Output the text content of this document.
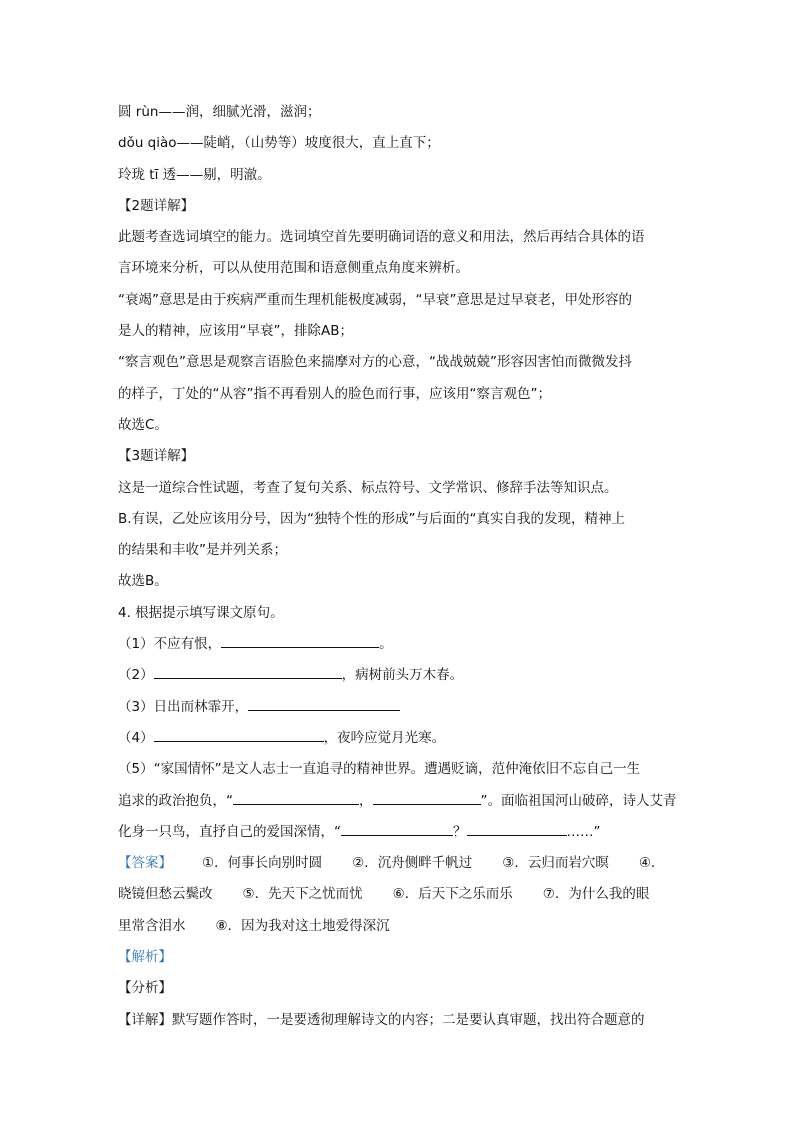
圆 rùn——润，细腻光滑，滋润；
dǒu qiào——陡峭，（山势等）坡度很大，直上直下；
玲珑 tī 透——剔，明澈。
【2题详解】
此题考查选词填空的能力。选词填空首先要明确词语的意义和用法，然后再结合具体的语
言环境来分析，可以从使用范围和语意侧重点角度来辨析。
“衰竭”意思是由于疾病严重而生理机能极度减弱，“早衰”意思是过早衰老，甲处形容的
是人的精神，应该用“早衰”，排除AB；
“察言观色”意思是观察言语脸色来揣摩对方的心意，“战战兢兢”形容因害怕而微微发抖
的样子，丁处的“从容”指不再看别人的脸色而行事，应该用“察言观色”；
故选C。
【3题详解】
这是一道综合性试题，考查了复句关系、标点符号、文学常识、修辞手法等知识点。
B.有误，乙处应该用分号，因为“独特个性的形成”与后面的“真实自我的发现，精神上
的结果和丰收”是并列关系；
故选B。
4. 根据提示填写课文原句。
（1）不应有恨，	。
（2）	，病树前头万木春。
（3）日出而林霏开，
（4）	，夜吟应觉月光寒。
（5）“家国情怀”是文人志士一直追寻的精神世界。遭遇贬谪，范仲淹依旧不忘自己一生
追求的政治抱负，“	，	”。面临祖国河山破碎，诗人艾青
化身一只鸟，直抒自己的爱国深情，“	？	……”
【答案】 ①．何事长向别时圆 ②．沉舟侧畔千帆过 ③．云归而岩穴暝 ④．
晓镜但愁云鬓改 ⑤．先天下之忧而忧 ⑥．后天下之乐而乐 ⑦．为什么我的眼
里常含泪水 ⑧．因为我对这土地爱得深沉
【解析】
【分析】
【详解】默写题作答时，一是要透彻理解诗文的内容；二是要认真审题，找出符合题意的
